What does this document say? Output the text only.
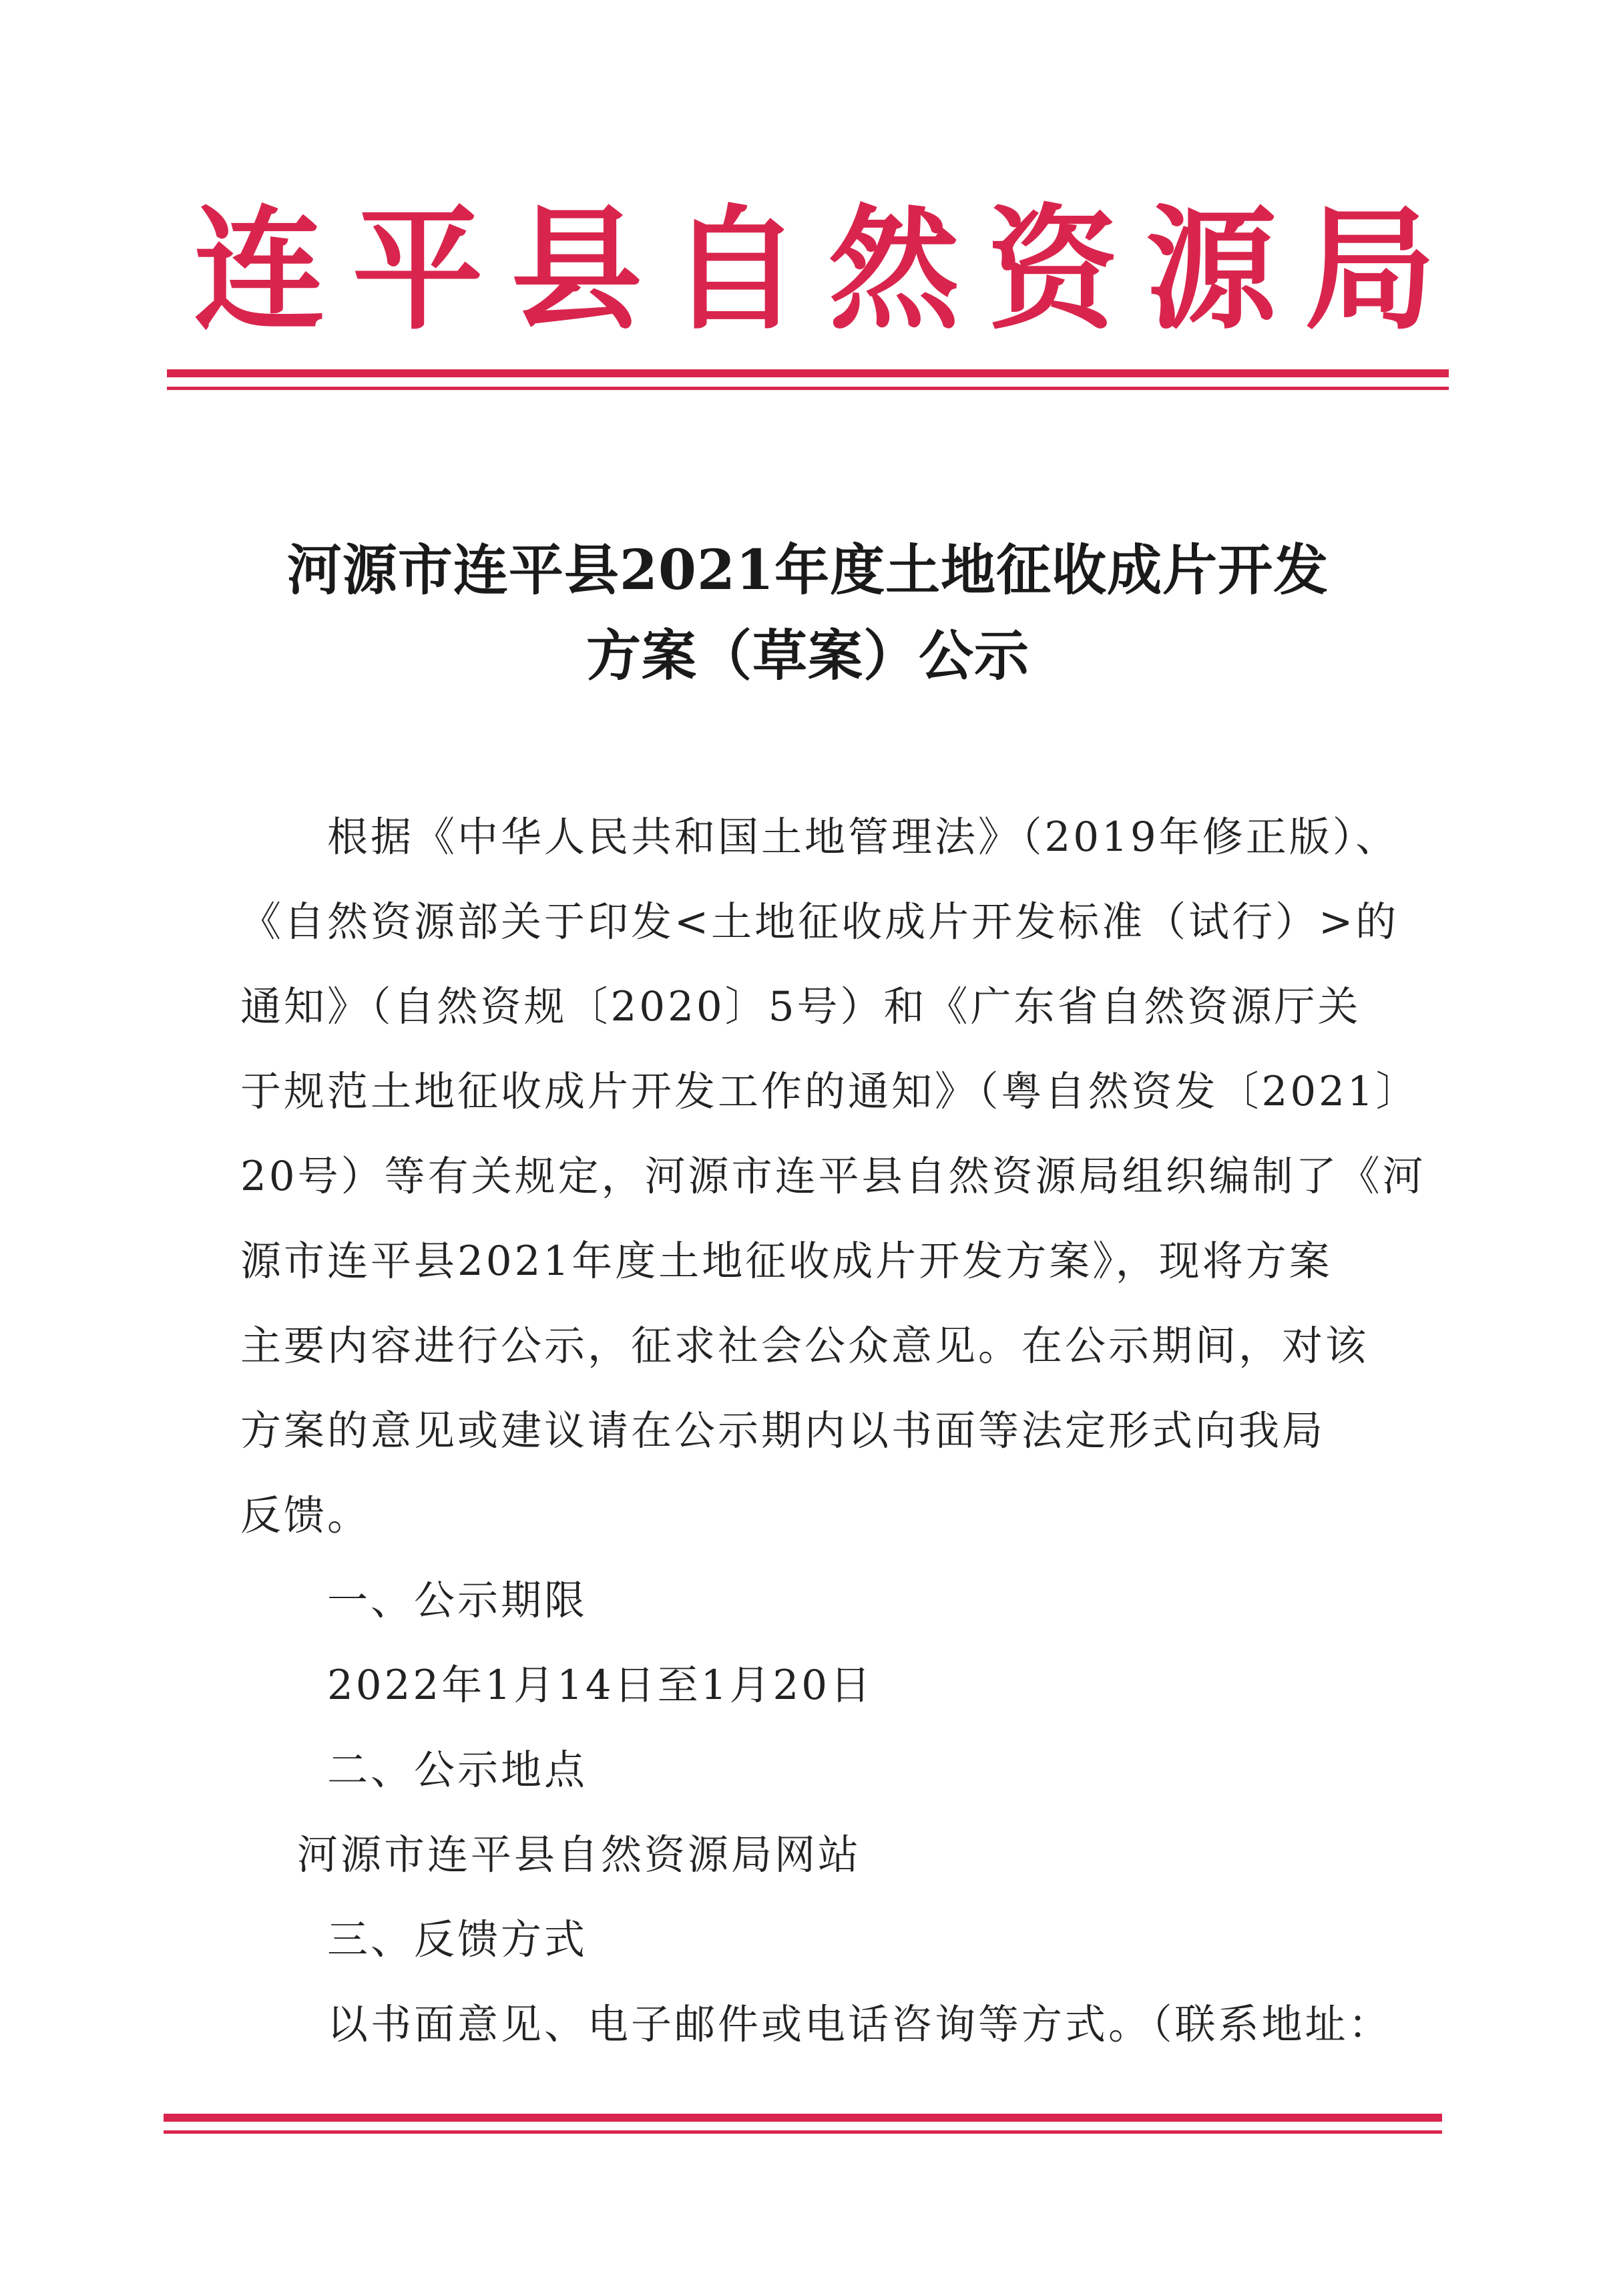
连 平 县 自 然 资 源 局
河源市连平县2021年度土地征收成片开发
方案（草案）公示
根据《中华人民共和国土地管理法》（2019年修正版）、
《自然资源部关于印发<土地征收成片开发标准（试行）>的
通知》（自然资规〔2020〕5号）和《广东省自然资源厅关
于规范土地征收成片开发工作的通知》（粤自然资发〔2021〕
20号）等有关规定，河源市连平县自然资源局组织编制了《河
源市连平县2021年度土地征收成片开发方案》，现将方案
主要内容进行公示，征求社会公众意见。在公示期间，对该
方案的意见或建议请在公示期内以书面等法定形式向我局
反馈。
一、公示期限
2022年1月14日至1月20日
二、公示地点
河源市连平县自然资源局网站
三、反馈方式
以书面意见、电子邮件或电话咨询等方式。（联系地址：
